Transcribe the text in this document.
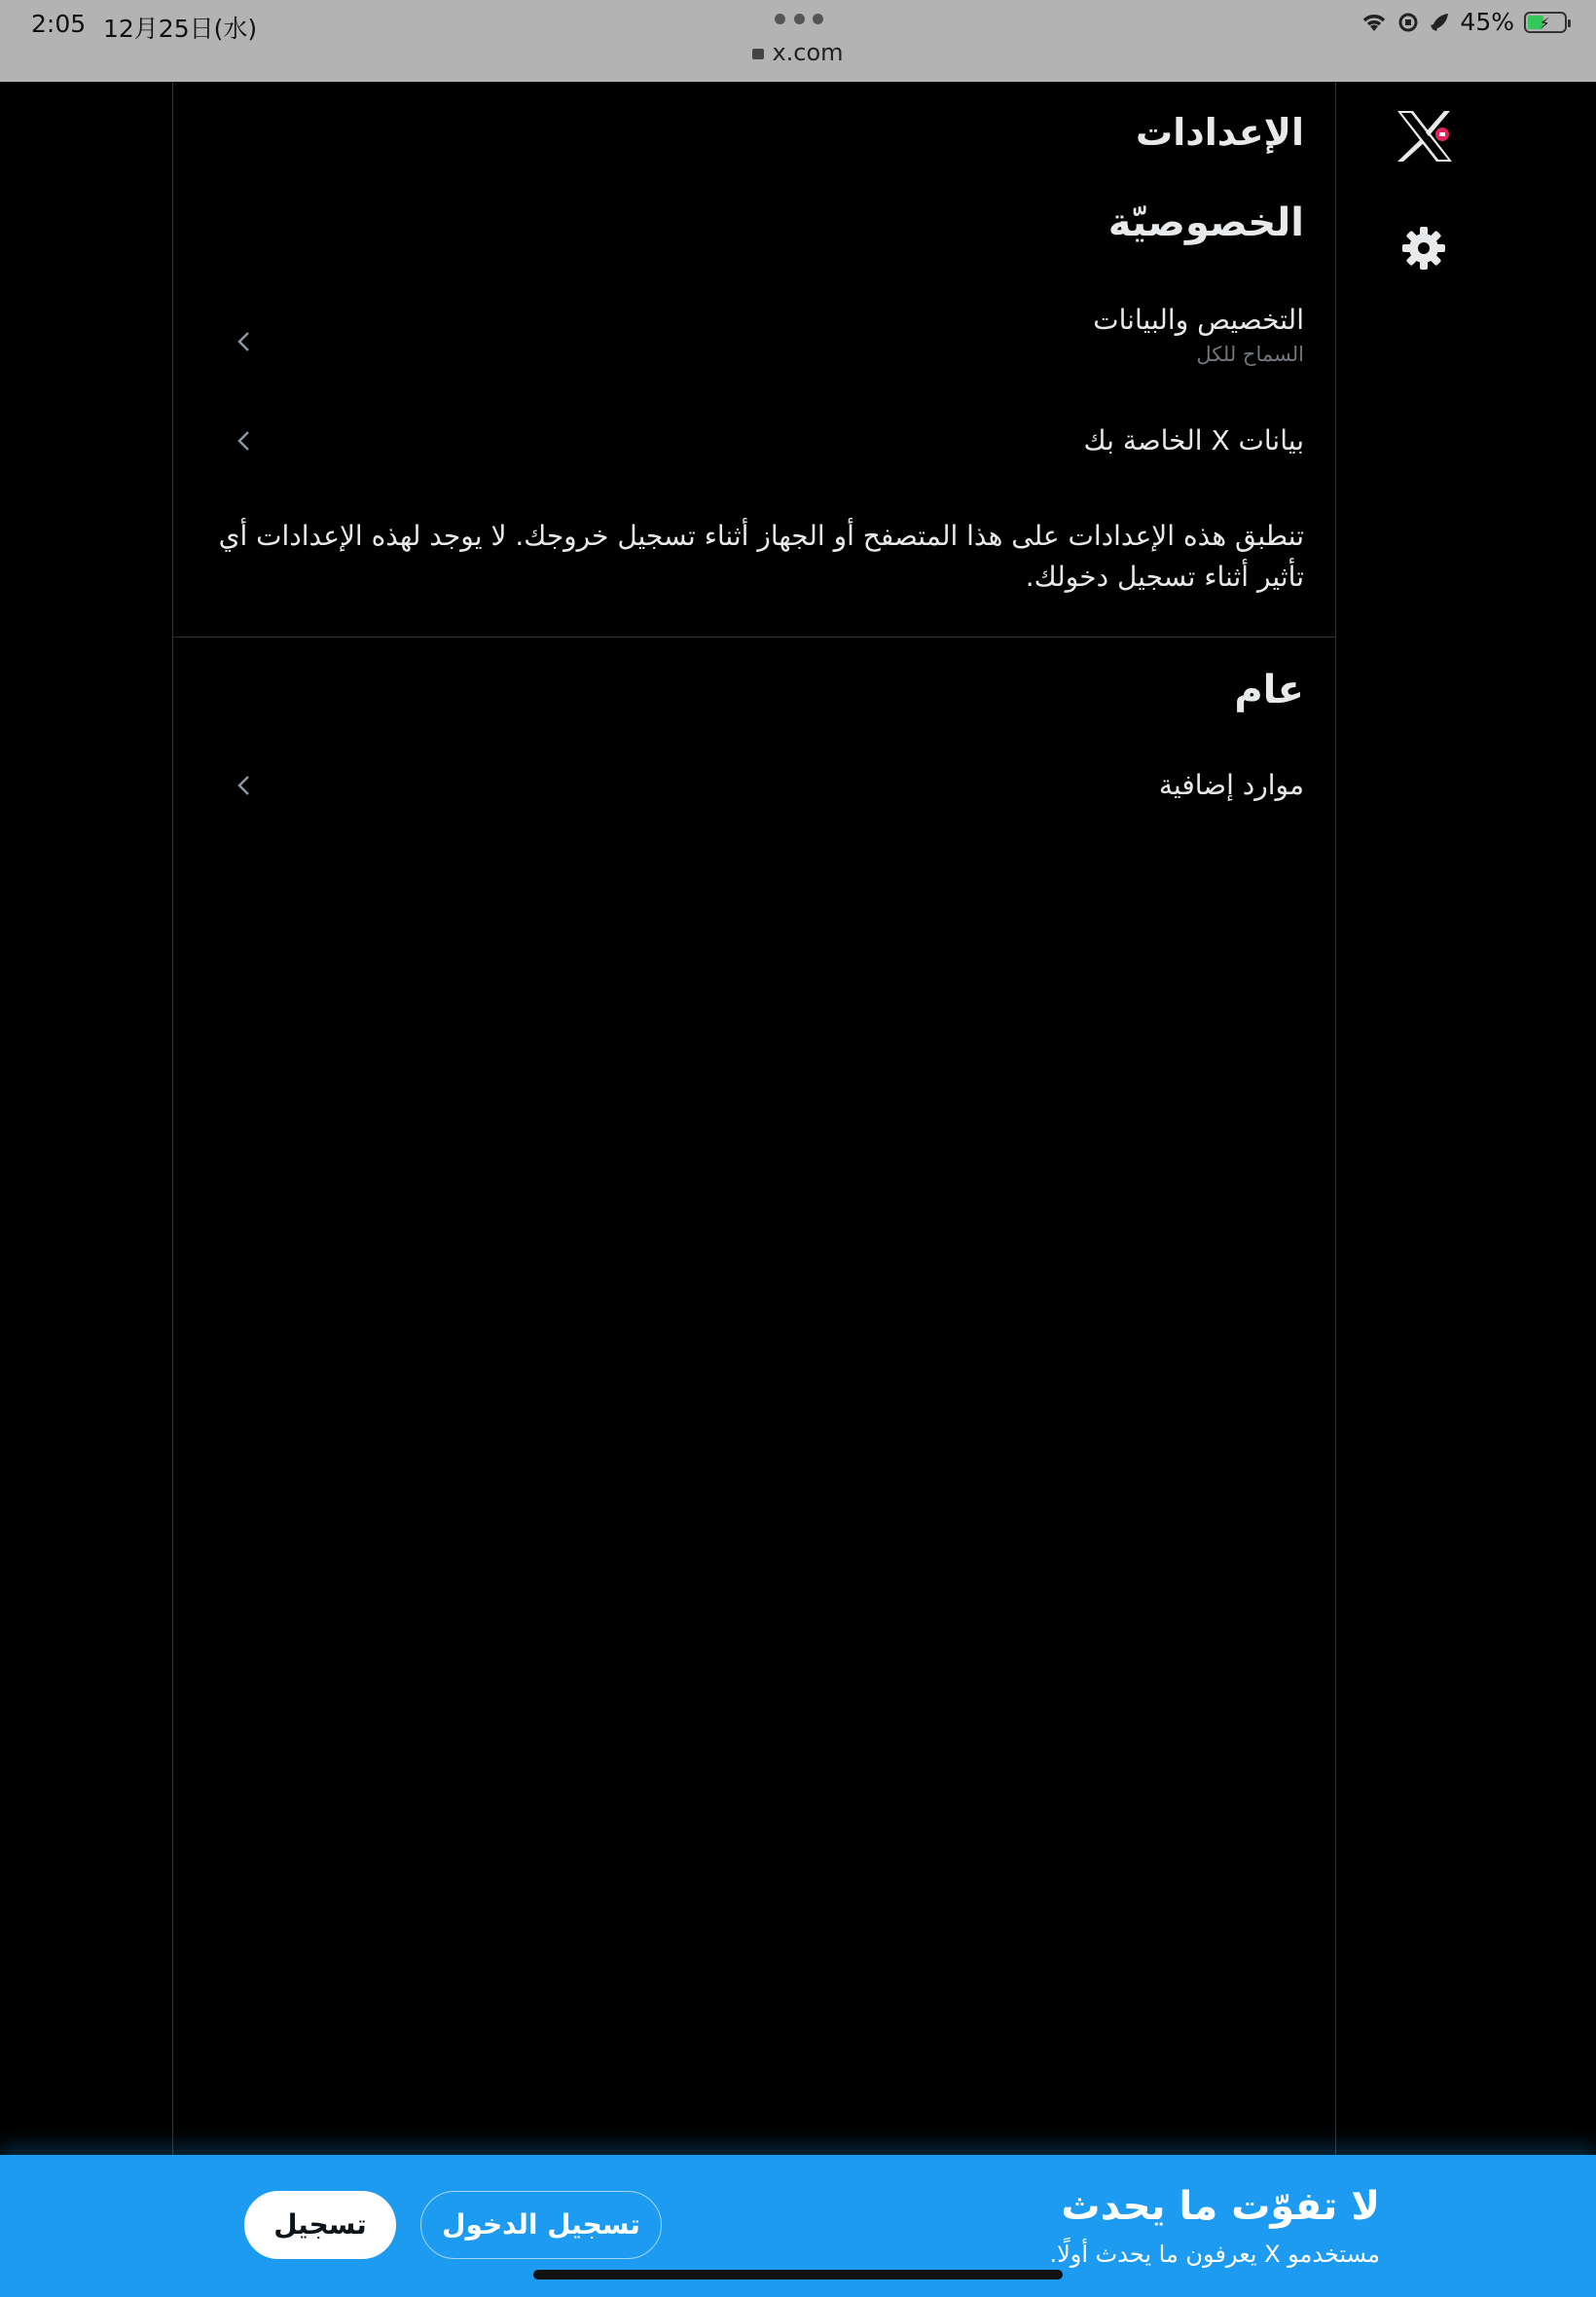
2:05 12月25日(水)
x.com
45% ⚡
الإعدادات
الخصوصيّة
التخصيص والبيانات
السماح للكل
بيانات X الخاصة بك
تنطبق هذه الإعدادات على هذا المتصفح أو الجهاز أثناء تسجيل خروجك. لا يوجد لهذه الإعدادات أي تأثير أثناء تسجيل دخولك.
عام
موارد إضافية
لا تفوّت ما يحدث
مستخدمو X يعرفون ما يحدث أولًا.
تسجيل الدخول
تسجيل
